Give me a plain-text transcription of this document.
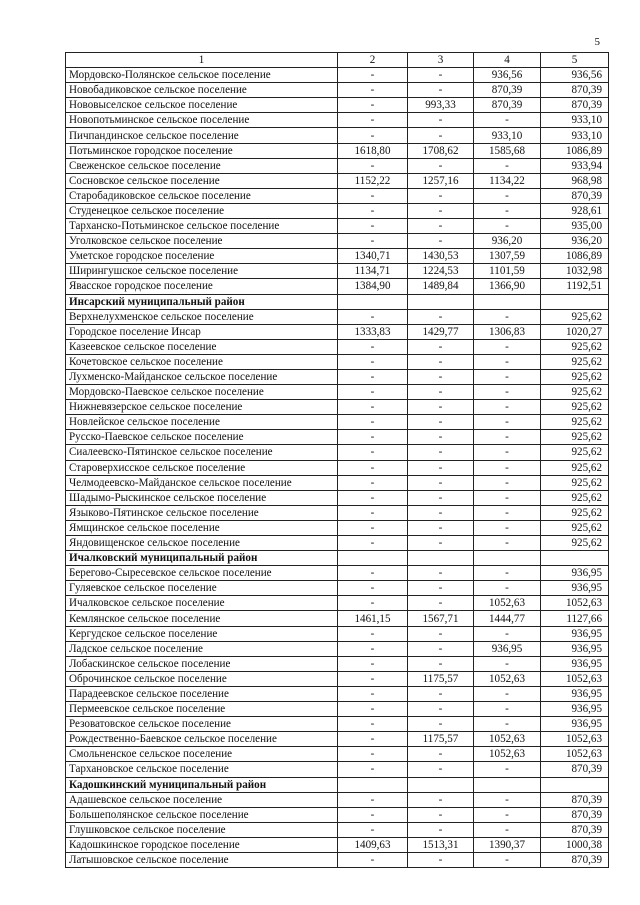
5
1	2	3	4	5
Мордовско-Полянское сельское поселение	-	-	936,56	936,56
Новобадиковское сельское поселение	-	-	870,39	870,39
Нововыселское сельское поселение	-	993,33	870,39	870,39
Новопотьминское сельское поселение	-	-	-	933,10
Пичпандинское сельское поселение	-	-	933,10	933,10
Потьминское городское поселение	1618,80	1708,62	1585,68	1086,89
Свеженское сельское поселение	-	-	-	933,94
Сосновское сельское поселение	1152,22	1257,16	1134,22	968,98
Старобадиковское сельское поселение	-	-	-	870,39
Студенецкое сельское поселение	-	-	-	928,61
Тарханско-Потьминское сельское поселение	-	-	-	935,00
Уголковское сельское поселение	-	-	936,20	936,20
Уметское городское поселение	1340,71	1430,53	1307,59	1086,89
Ширингушское сельское поселение	1134,71	1224,53	1101,59	1032,98
Явасское городское поселение	1384,90	1489,84	1366,90	1192,51
Инсарский муниципальный район				
Верхнелухменское сельское поселение	-	-	-	925,62
Городское поселение Инсар	1333,83	1429,77	1306,83	1020,27
Казеевское сельское поселение	-	-	-	925,62
Кочетовское сельское поселение	-	-	-	925,62
Лухменско-Майданское сельское поселение	-	-	-	925,62
Мордовско-Паевское сельское поселение	-	-	-	925,62
Нижневязерское сельское поселение	-	-	-	925,62
Новлейское сельское поселение	-	-	-	925,62
Русско-Паевское сельское поселение	-	-	-	925,62
Сиалеевско-Пятинское сельское поселение	-	-	-	925,62
Староверхисское сельское поселение	-	-	-	925,62
Челмодеевско-Майданское сельское поселение	-	-	-	925,62
Шадымо-Рыскинское сельское поселение	-	-	-	925,62
Языково-Пятинское сельское поселение	-	-	-	925,62
Ямщинское сельское поселение	-	-	-	925,62
Яндовищенское сельское поселение	-	-	-	925,62
Ичалковский муниципальный район				
Берегово-Сыресевское сельское поселение	-	-	-	936,95
Гуляевское сельское поселение	-	-	-	936,95
Ичалковское сельское поселение	-	-	1052,63	1052,63
Кемлянское сельское поселение	1461,15	1567,71	1444,77	1127,66
Кергудское сельское поселение	-	-	-	936,95
Ладское сельское поселение	-	-	936,95	936,95
Лобаскинское сельское поселение	-	-	-	936,95
Оброчинское сельское поселение	-	1175,57	1052,63	1052,63
Парадеевское сельское поселение	-	-	-	936,95
Пермеевское сельское поселение	-	-	-	936,95
Резоватовское сельское поселение	-	-	-	936,95
Рождественно-Баевское сельское поселение	-	1175,57	1052,63	1052,63
Смольненское сельское поселение	-	-	1052,63	1052,63
Тархановское сельское поселение	-	-	-	870,39
Кадошкинский муниципальный район				
Адашевское сельское поселение	-	-	-	870,39
Большеполянское сельское поселение	-	-	-	870,39
Глушковское сельское поселение	-	-	-	870,39
Кадошкинское городское поселение	1409,63	1513,31	1390,37	1000,38
Латышовское сельское поселение	-	-	-	870,39
